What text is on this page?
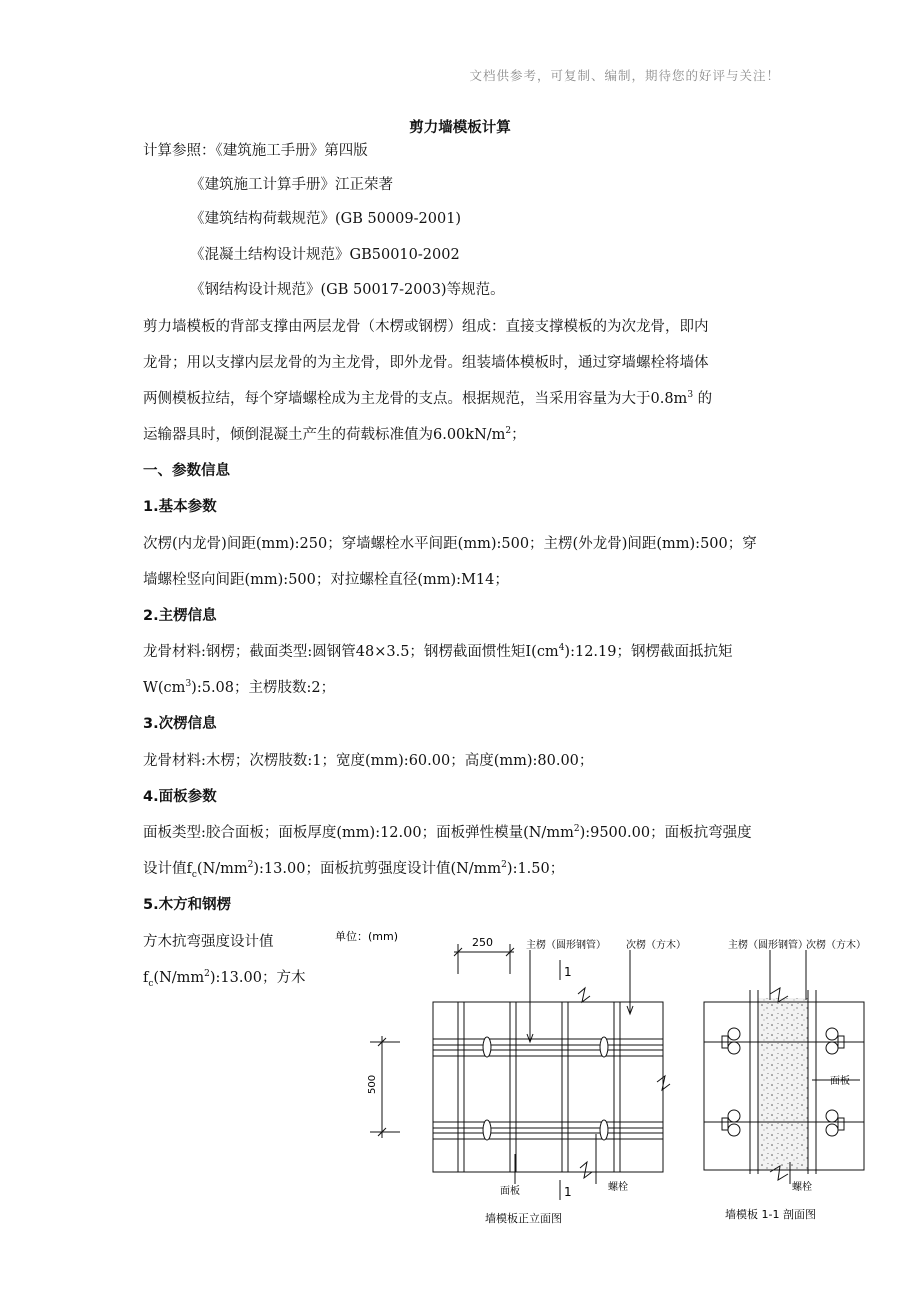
文档供参考，可复制、编制，期待您的好评与关注！
剪力墙模板计算
计算参照：《建筑施工手册》第四版
《建筑施工计算手册》江正荣著
《建筑结构荷载规范》(GB 50009-2001)
《混凝土结构设计规范》GB50010-2002
《钢结构设计规范》(GB 50017-2003)等规范。
剪力墙模板的背部支撑由两层龙骨（木楞或钢楞）组成：直接支撑模板的为次龙骨，即内
龙骨；用以支撑内层龙骨的为主龙骨，即外龙骨。组装墙体模板时，通过穿墙螺栓将墙体
两侧模板拉结，每个穿墙螺栓成为主龙骨的支点。根据规范，当采用容量为大于$0.8m^3$ 的
运输器具时，倾倒混凝土产生的荷载标准值为$6.00kN/m^2$；
一、参数信息
1.基本参数
次楞(内龙骨)间距(mm):250；穿墙螺栓水平间距(mm):500；主楞(外龙骨)间距(mm):500；穿
墙螺栓竖向间距(mm):500；对拉螺栓直径(mm):M14；
2.主楞信息
龙骨材料:钢楞；截面类型:圆钢管48×3.5；钢楞截面惯性矩$I(cm^4):12.19$；钢楞截面抵抗矩
$W(cm^3):5.08$；主楞肢数:2；
3.次楞信息
龙骨材料:木楞；次楞肢数:1；宽度(mm):60.00；高度(mm):80.00；
4.面板参数
面板类型:胶合面板；面板厚度(mm):12.00；面板弹性模量$(N/mm^2):9500.00$；面板抗弯强度
设计值$f_c(N/mm^2):13.00$；面板抗剪强度设计值$(N/mm^2):1.50$；
5.木方和钢楞
方木抗弯强度设计值
$f_c(N/mm^2):13.00$；方木
单位：(mm)
500
250	主楞（圆形钢管） 次楞（方木）
1
1
面板	螺栓
墙模板正立面图
主楞（圆形钢管）
次楞（方木）
面板
螺栓
墙模板 1-1 剖面图
